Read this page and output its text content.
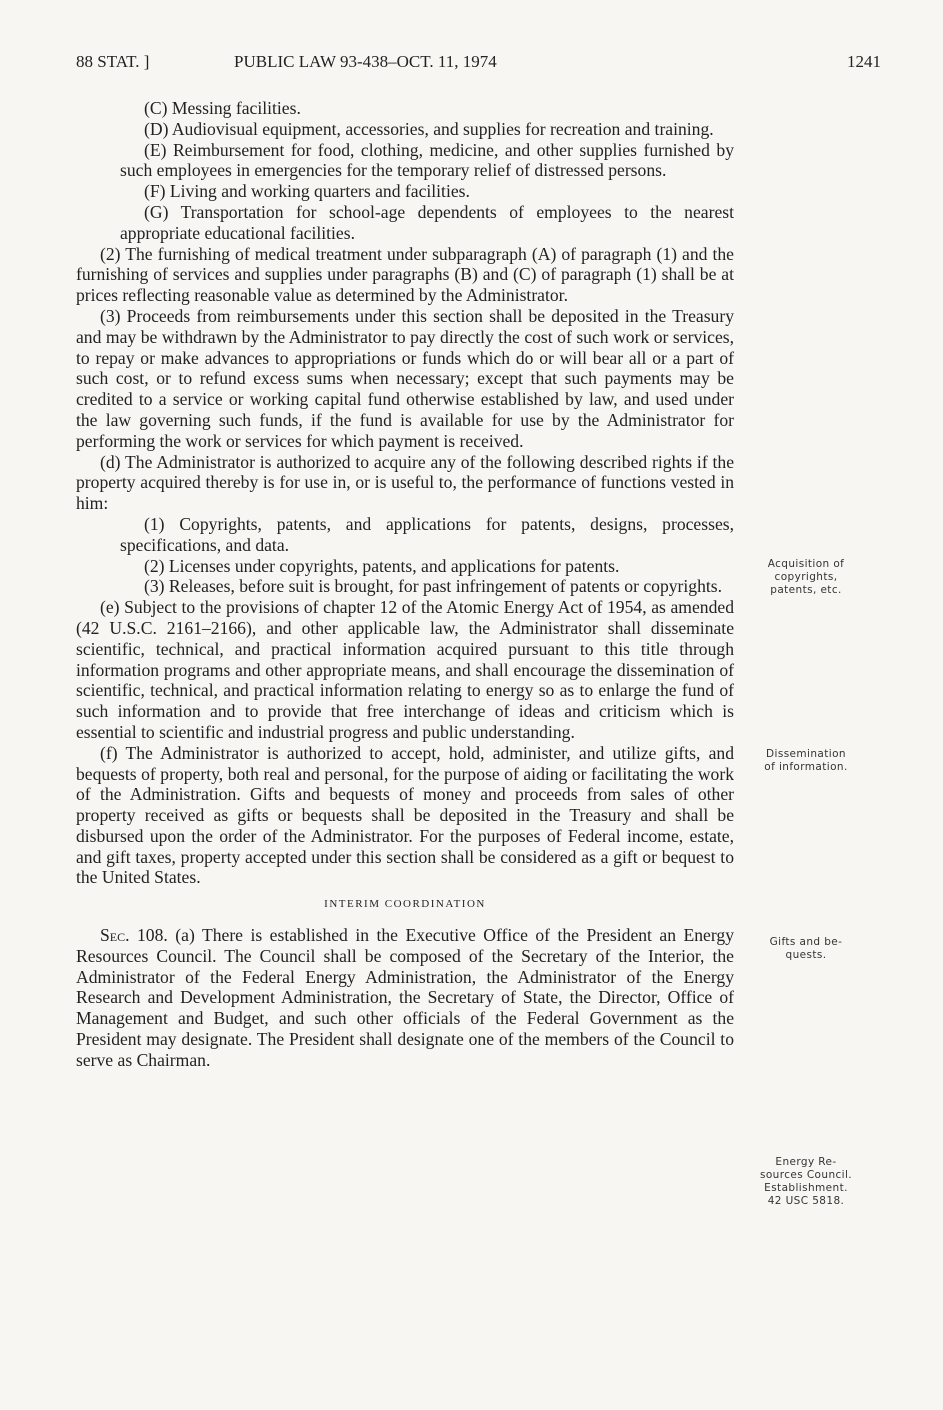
88 STAT. ]	PUBLIC LAW 93-438–OCT. 11, 1974	1241

(C) Messing facilities.

(D) Audiovisual equipment, accessories, and supplies for recreation and training.

(E) Reimbursement for food, clothing, medicine, and other supplies furnished by such employees in emergencies for the temporary relief of distressed persons.

(F) Living and working quarters and facilities.

(G) Transportation for school-age dependents of employees to the nearest appropriate educational facilities.

(2) The furnishing of medical treatment under subparagraph (A) of paragraph (1) and the furnishing of services and supplies under paragraphs (B) and (C) of paragraph (1) shall be at prices reflecting reasonable value as determined by the Administrator.

(3) Proceeds from reimbursements under this section shall be deposited in the Treasury and may be withdrawn by the Administrator to pay directly the cost of such work or services, to repay or make advances to appropriations or funds which do or will bear all or a part of such cost, or to refund excess sums when necessary; except that such payments may be credited to a service or working capital fund otherwise established by law, and used under the law governing such funds, if the fund is available for use by the Administrator for performing the work or services for which payment is received.

(d) The Administrator is authorized to acquire any of the following described rights if the property acquired thereby is for use in, or is useful to, the performance of functions vested in him:

(1) Copyrights, patents, and applications for patents, designs, processes, specifications, and data.

(2) Licenses under copyrights, patents, and applications for patents.

(3) Releases, before suit is brought, for past infringement of patents or copyrights.

(e) Subject to the provisions of chapter 12 of the Atomic Energy Act of 1954, as amended (42 U.S.C. 2161–2166), and other applicable law, the Administrator shall disseminate scientific, technical, and practical information acquired pursuant to this title through information programs and other appropriate means, and shall encourage the dissemination of scientific, technical, and practical information relating to energy so as to enlarge the fund of such information and to provide that free interchange of ideas and criticism which is essential to scientific and industrial progress and public understanding.

(f) The Administrator is authorized to accept, hold, administer, and utilize gifts, and bequests of property, both real and personal, for the purpose of aiding or facilitating the work of the Administration. Gifts and bequests of money and proceeds from sales of other property received as gifts or bequests shall be deposited in the Treasury and shall be disbursed upon the order of the Administrator. For the purposes of Federal income, estate, and gift taxes, property accepted under this section shall be considered as a gift or bequest to the United States.

INTERIM COORDINATION

Sec. 108. (a) There is established in the Executive Office of the President an Energy Resources Council. The Council shall be composed of the Secretary of the Interior, the Administrator of the Federal Energy Administration, the Administrator of the Energy Research and Development Administration, the Secretary of State, the Director, Office of Management and Budget, and such other officials of the Federal Government as the President may designate. The President shall designate one of the members of the Council to serve as Chairman.

Acquisition of
copyrights,
patents, etc.
Dissemination
of information.
Gifts and be-
quests.
Energy Re-
sources Council.
Establishment.
42 USC 5818.
